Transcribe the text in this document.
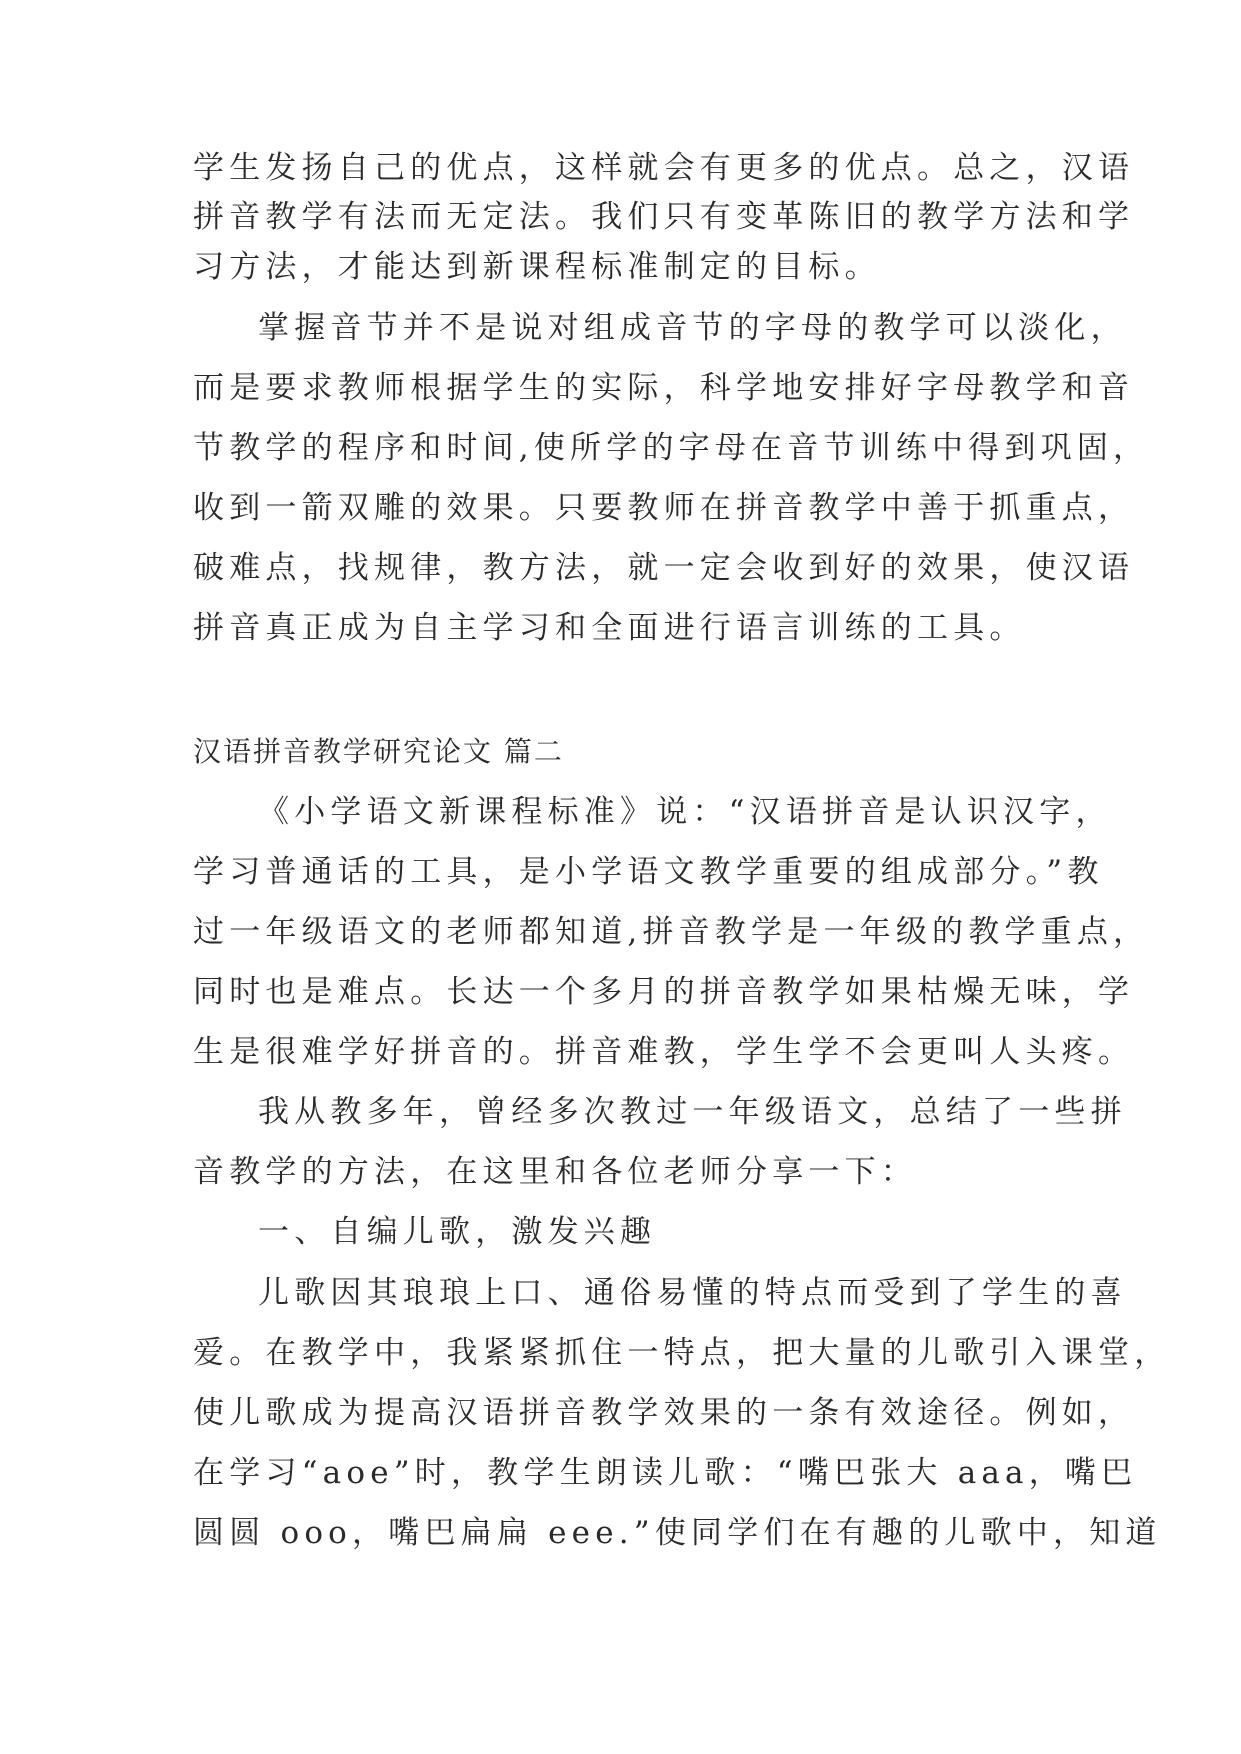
学生发扬自己的优点，这样就会有更多的优点。总之，汉语
拼音教学有法而无定法。我们只有变革陈旧的教学方法和学
习方法，才能达到新课程标准制定的目标。
掌握音节并不是说对组成音节的字母的教学可以淡化，
而是要求教师根据学生的实际，科学地安排好字母教学和音
节教学的程序和时间,使所学的字母在音节训练中得到巩固，
收到一箭双雕的效果。只要教师在拼音教学中善于抓重点，
破难点，找规律，教方法，就一定会收到好的效果，使汉语
拼音真正成为自主学习和全面进行语言训练的工具。
汉语拼音教学研究论文 篇二
《小学语文新课程标准》说：“汉语拼音是认识汉字，
学习普通话的工具，是小学语文教学重要的组成部分。”教
过一年级语文的老师都知道,拼音教学是一年级的教学重点，
同时也是难点。长达一个多月的拼音教学如果枯燥无味，学
生是很难学好拼音的。拼音难教，学生学不会更叫人头疼。
我从教多年，曾经多次教过一年级语文，总结了一些拼
音教学的方法，在这里和各位老师分享一下：
一、自编儿歌，激发兴趣
儿歌因其琅琅上口、通俗易懂的特点而受到了学生的喜
爱。在教学中，我紧紧抓住一特点，把大量的儿歌引入课堂，
使儿歌成为提高汉语拼音教学效果的一条有效途径。例如，
在学习“aoe”时，教学生朗读儿歌：“嘴巴张大 aaa，嘴巴
圆圆 ooo，嘴巴扁扁 eee.”使同学们在有趣的儿歌中，知道
